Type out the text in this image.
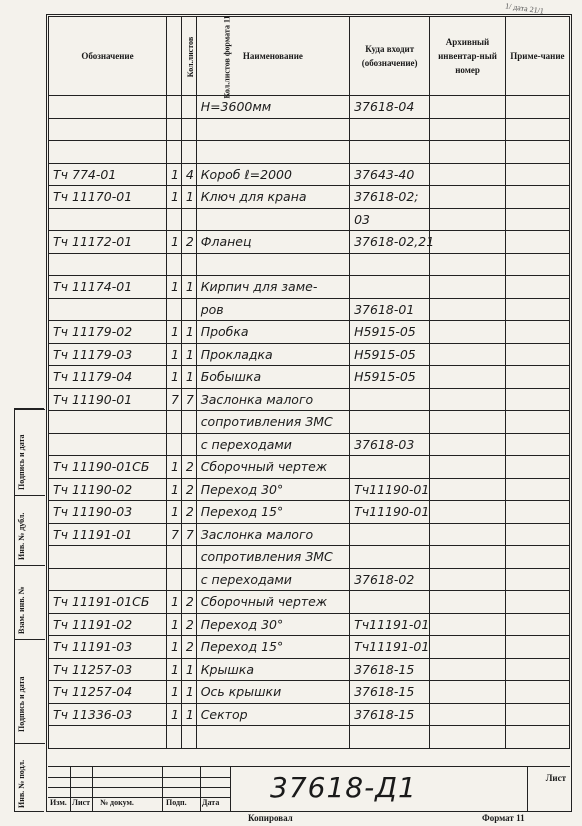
1/ дата 21/1
Обозначение	Кол.листов	Кол.листов формата 11	Наименование	Куда входит (обозначение)	Архивный инвентар-ный номер	Приме-чание
			Н=3600мм	37618-04		

Тч 774-01	1	4	Короб ℓ=2000	37643-40		
Тч 11170-01	1	1	Ключ для крана	37618-02;		
				03		
Тч 11172-01	1	2	Фланец	37618-02,21		

Тч 11174-01	1	1	Кирпич для заме-			
			ров	37618-01		
Тч 11179-02	1	1	Пробка	Н5915-05		
Тч 11179-03	1	1	Прокладка	Н5915-05		
Тч 11179-04	1	1	Бобышка	Н5915-05		
Тч 11190-01	7	7	Заслонка малого			
			сопротивления ЗМС			
			с переходами	37618-03		
Тч 11190-01СБ	1	2	Сборочный чертеж			
Тч 11190-02	1	2	Переход 30°	Тч11190-01		
Тч 11190-03	1	2	Переход 15°	Тч11190-01		
Тч 11191-01	7	7	Заслонка малого			
			сопротивления ЗМС			
			с переходами	37618-02		
Тч 11191-01СБ	1	2	Сборочный чертеж			
Тч 11191-02	1	2	Переход 30°	Тч11191-01		
Тч 11191-03	1	2	Переход 15°	Тч11191-01		
Тч 11257-03	1	1	Крышка	37618-15		
Тч 11257-04	1	1	Ось крышки	37618-15		
Тч 11336-03	1	1	Сектор	37618-15		

Подпись и дата
Инв. № дубл.
Взам. инв. №
Подпись и дата
Инв. № подл.	Изм. Лист № докум.	Подп. Дата 37618-Д1	Лист
Копировал	Формат 11
